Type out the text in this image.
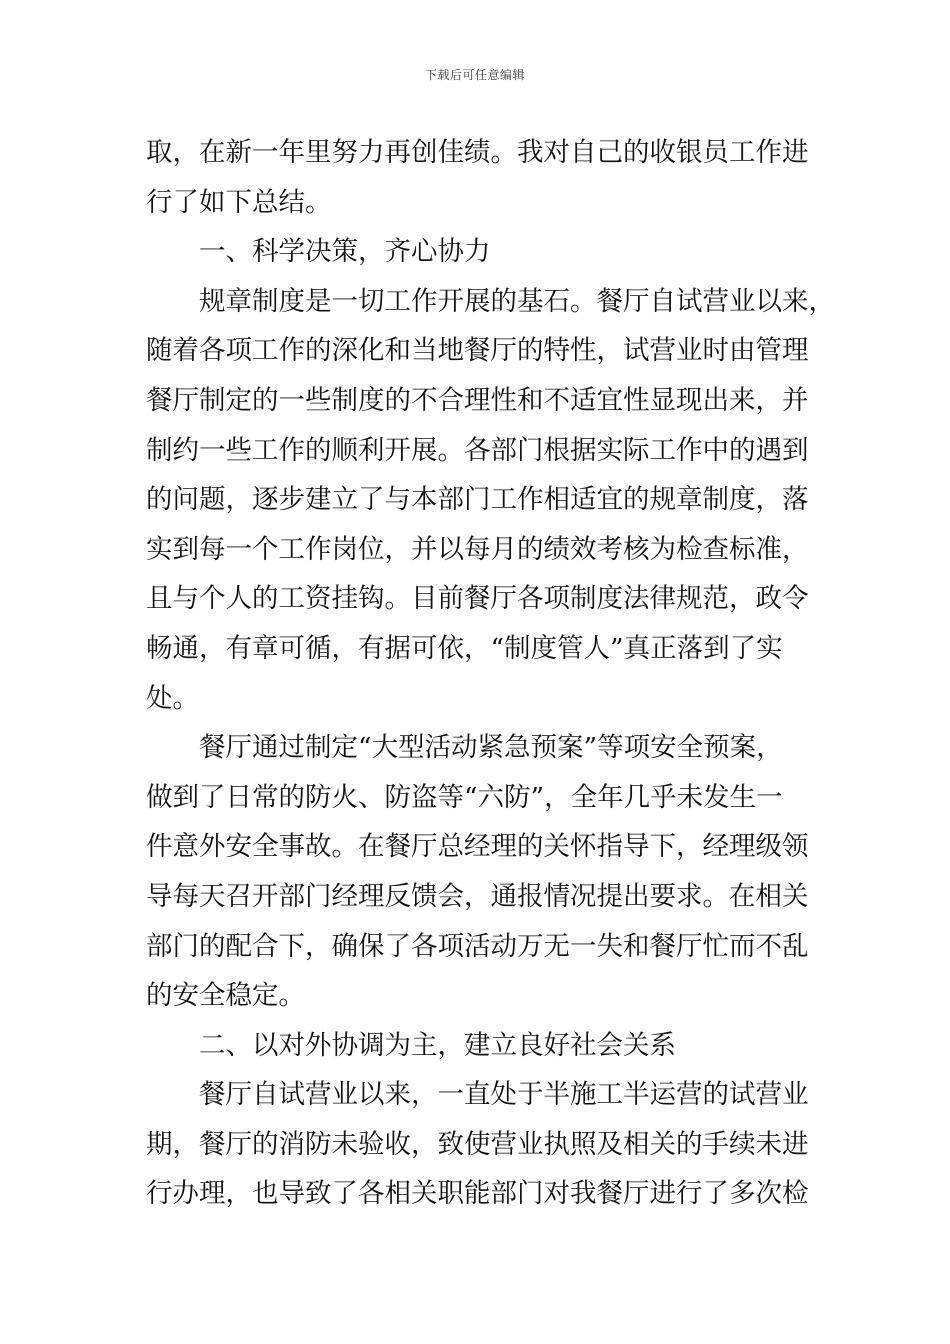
下载后可任意编辑
取，在新一年里努力再创佳绩。我对自己的收银员工作进
行了如下总结。
一、科学决策，齐心协力
规章制度是一切工作开展的基石。餐厅自试营业以来，
随着各项工作的深化和当地餐厅的特性，试营业时由管理
餐厅制定的一些制度的不合理性和不适宜性显现出来，并
制约一些工作的顺利开展。各部门根据实际工作中的遇到
的问题，逐步建立了与本部门工作相适宜的规章制度，落
实到每一个工作岗位，并以每月的绩效考核为检查标准，
且与个人的工资挂钩。目前餐厅各项制度法律规范，政令
畅通，有章可循，有据可依，“制度管人”真正落到了实
处。
餐厅通过制定“大型活动紧急预案”等项安全预案，
做到了日常的防火、防盗等“六防”，全年几乎未发生一
件意外安全事故。在餐厅总经理的关怀指导下，经理级领
导每天召开部门经理反馈会，通报情况提出要求。在相关
部门的配合下，确保了各项活动万无一失和餐厅忙而不乱
的安全稳定。
二、以对外协调为主，建立良好社会关系
餐厅自试营业以来，一直处于半施工半运营的试营业
期，餐厅的消防未验收，致使营业执照及相关的手续未进
行办理，也导致了各相关职能部门对我餐厅进行了多次检
